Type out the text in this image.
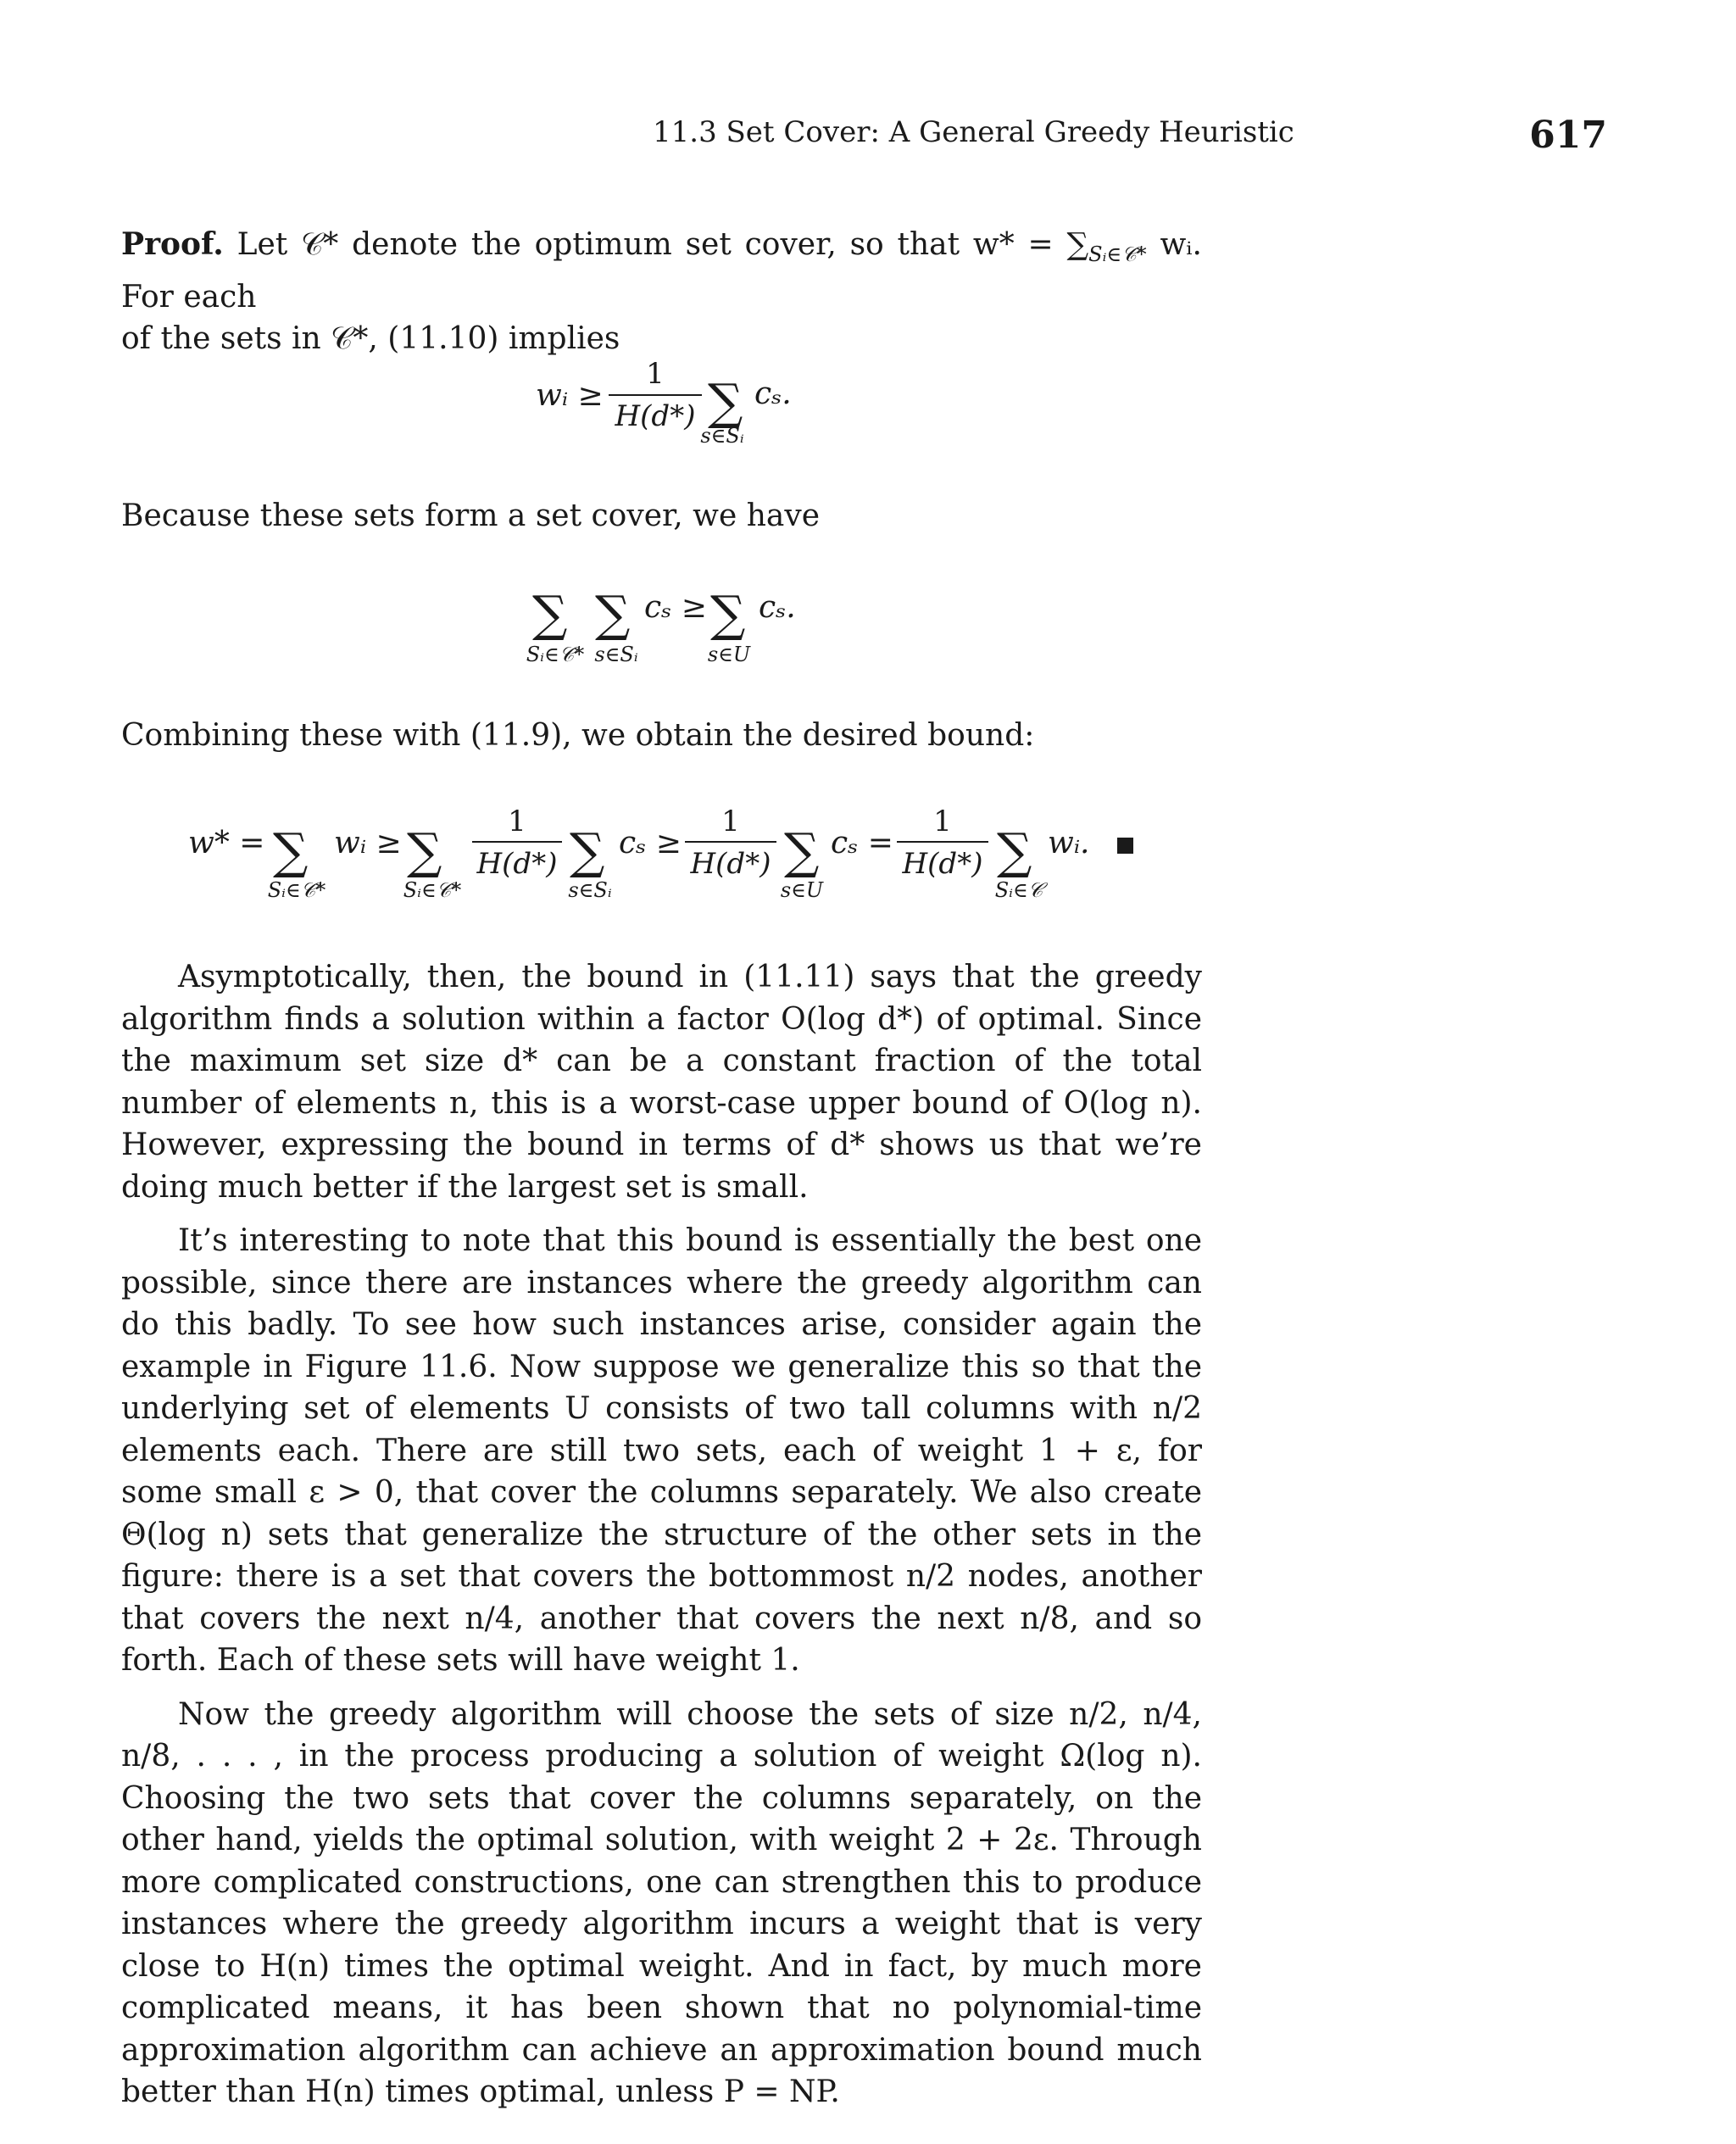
11.3 Set Cover: A General Greedy Heuristic	617

Proof. Let 𝒞* denote the optimum set cover, so that $w* = \sum_{Sᵢ\in 𝒞*}$ wᵢ. For each

of the sets in 𝒞*, (11.10) implies

wᵢ ≥
1
H(d*) ∑
s∈Sᵢ
cₛ.

Because these sets form a set cover, we have

∑
Sᵢ∈𝒞*
∑
s∈Sᵢ
cₛ ≥ ∑
s∈U
cₛ.

Combining these with (11.9), we obtain the desired bound:

w* = ∑
Sᵢ∈𝒞*
wᵢ ≥ ∑
Sᵢ∈𝒞*
1
H(d*) ∑
s∈Sᵢ
cₛ ≥
1
H(d*) ∑
s∈U
cₛ =
1
H(d*) ∑
Sᵢ∈𝒞
wᵢ.

Asymptotically, then, the bound in (11.11) says that the greedy algorithm finds a solution within a factor O(log d*) of optimal. Since the maximum set size d* can be a constant fraction of the total number of elements n, this is a worst-case upper bound of O(log n). However, expressing the bound in terms of d* shows us that we’re doing much better if the largest set is small.

It’s interesting to note that this bound is essentially the best one possible, since there are instances where the greedy algorithm can do this badly. To see how such instances arise, consider again the example in Figure 11.6. Now suppose we generalize this so that the underlying set of elements U consists of two tall columns with n/2 elements each. There are still two sets, each of weight 1 + ε, for some small ε > 0, that cover the columns separately. We also create Θ(log n) sets that generalize the structure of the other sets in the figure: there is a set that covers the bottommost n/2 nodes, another that covers the next n/4, another that covers the next n/8, and so forth. Each of these sets will have weight 1.

Now the greedy algorithm will choose the sets of size n/2, n/4, n/8, . . . , in the process producing a solution of weight Ω(log n). Choosing the two sets that cover the columns separately, on the other hand, yields the optimal solution, with weight 2 + 2ε. Through more complicated constructions, one can strengthen this to produce instances where the greedy algorithm incurs a weight that is very close to H(n) times the optimal weight. And in fact, by much more complicated means, it has been shown that no polynomial-time approximation algorithm can achieve an approximation bound much better than H(n) times optimal, unless P = NP.
